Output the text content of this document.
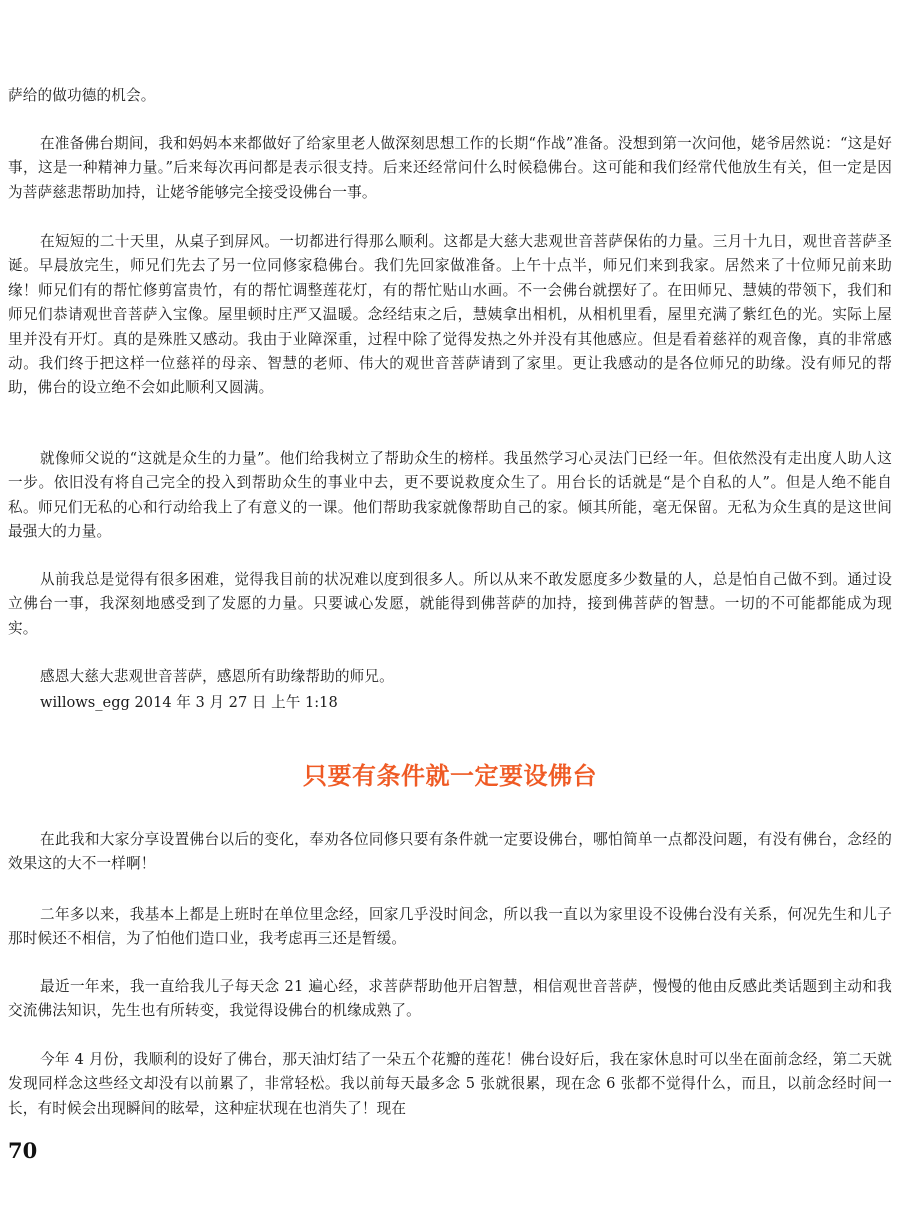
萨给的做功德的机会。

在准备佛台期间，我和妈妈本来都做好了给家里老人做深刻思想工作的长期“作战”准备。没想到第一次问他，姥爷居然说：“这是好事，这是一种精神力量。”后来每次再问都是表示很支持。后来还经常问什么时候稳佛台。这可能和我们经常代他放生有关，但一定是因为菩萨慈悲帮助加持，让姥爷能够完全接受设佛台一事。

在短短的二十天里，从桌子到屏风。一切都进行得那么顺利。这都是大慈大悲观世音菩萨保佑的力量。三月十九日，观世音菩萨圣诞。早晨放完生，师兄们先去了另一位同修家稳佛台。我们先回家做准备。上午十点半，师兄们来到我家。居然来了十位师兄前来助缘！师兄们有的帮忙修剪富贵竹，有的帮忙调整莲花灯，有的帮忙贴山水画。不一会佛台就摆好了。在田师兄、慧姨的带领下，我们和师兄们恭请观世音菩萨入宝像。屋里顿时庄严又温暖。念经结束之后，慧姨拿出相机，从相机里看，屋里充满了紫红色的光。实际上屋里并没有开灯。真的是殊胜又感动。我由于业障深重，过程中除了觉得发热之外并没有其他感应。但是看着慈祥的观音像，真的非常感动。我们终于把这样一位慈祥的母亲、智慧的老师、伟大的观世音菩萨请到了家里。更让我感动的是各位师兄的助缘。没有师兄的帮助，佛台的设立绝不会如此顺利又圆满。

就像师父说的“这就是众生的力量”。他们给我树立了帮助众生的榜样。我虽然学习心灵法门已经一年。但依然没有走出度人助人这一步。依旧没有将自己完全的投入到帮助众生的事业中去，更不要说救度众生了。用台长的话就是“是个自私的人”。但是人绝不能自私。师兄们无私的心和行动给我上了有意义的一课。他们帮助我家就像帮助自己的家。倾其所能，毫无保留。无私为众生真的是这世间最强大的力量。

从前我总是觉得有很多困难，觉得我目前的状况难以度到很多人。所以从来不敢发愿度多少数量的人，总是怕自己做不到。通过设立佛台一事，我深刻地感受到了发愿的力量。只要诚心发愿，就能得到佛菩萨的加持，接到佛菩萨的智慧。一切的不可能都能成为现实。

感恩大慈大悲观世音菩萨，感恩所有助缘帮助的师兄。

willows_egg 2014 年 3 月 27 日 上午 1:18
只要有条件就一定要设佛台

在此我和大家分享设置佛台以后的变化，奉劝各位同修只要有条件就一定要设佛台，哪怕简单一点都没问题，有没有佛台，念经的效果这的大不一样啊！

二年多以来，我基本上都是上班时在单位里念经，回家几乎没时间念，所以我一直以为家里设不设佛台没有关系，何况先生和儿子那时候还不相信，为了怕他们造口业，我考虑再三还是暂缓。

最近一年来，我一直给我儿子每天念 21 遍心经，求菩萨帮助他开启智慧，相信观世音菩萨，慢慢的他由反感此类话题到主动和我交流佛法知识，先生也有所转变，我觉得设佛台的机缘成熟了。

今年 4 月份，我顺利的设好了佛台，那天油灯结了一朵五个花瓣的莲花！佛台设好后，我在家休息时可以坐在面前念经，第二天就发现同样念这些经文却没有以前累了，非常轻松。我以前每天最多念 5 张就很累，现在念 6 张都不觉得什么，而且，以前念经时间一长，有时候会出现瞬间的眩晕，这种症状现在也消失了！现在

70
